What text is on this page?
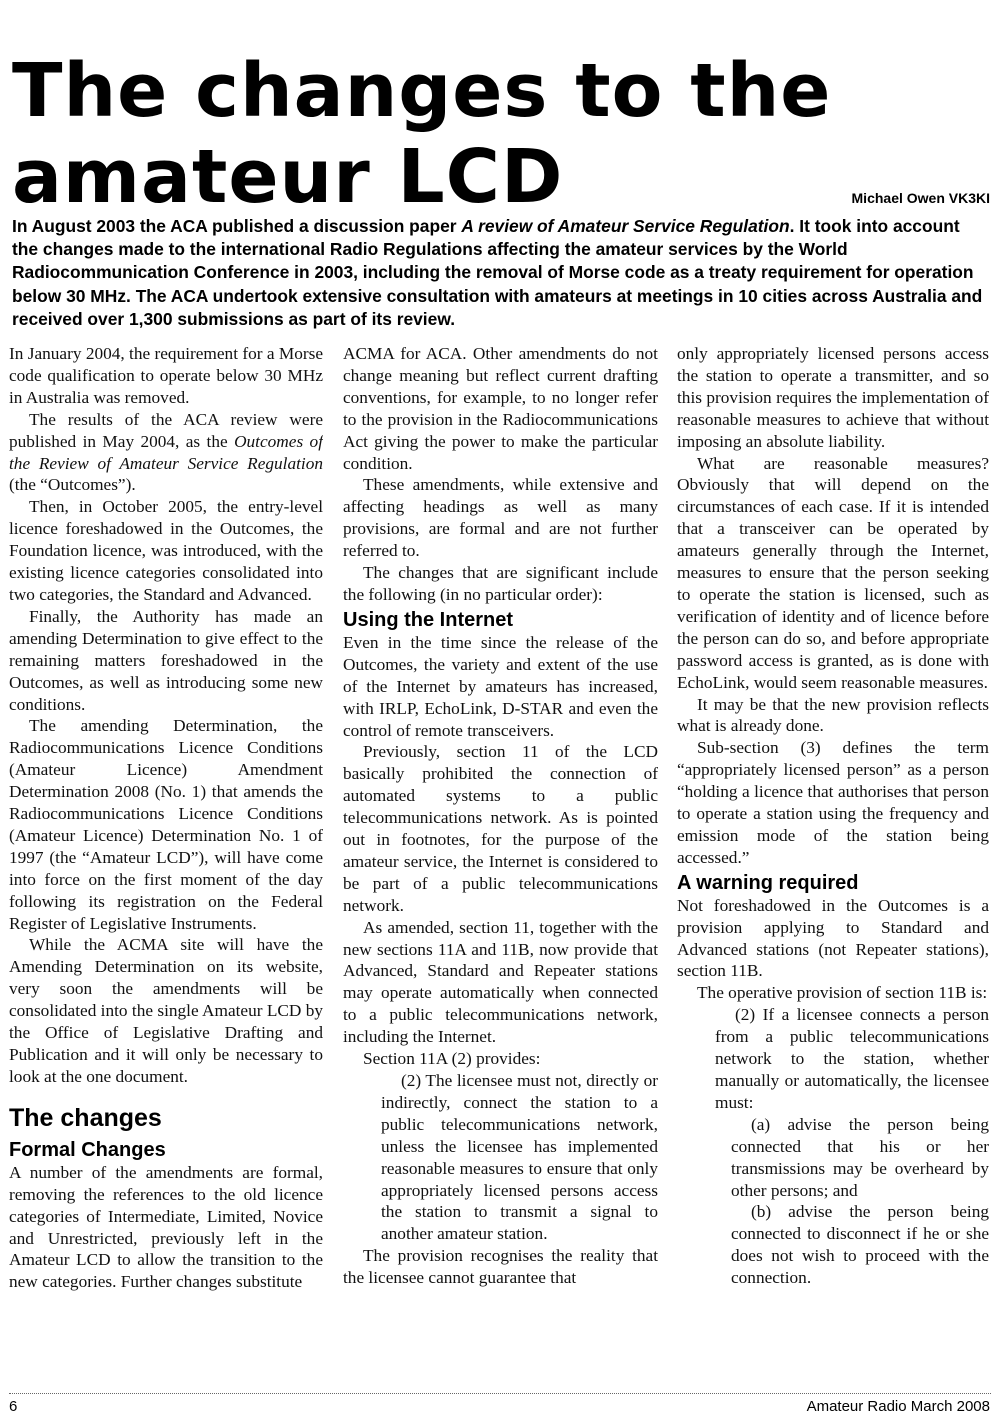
The changes to the amateur LCD	Michael Owen VK3KI

In August 2003 the ACA published a discussion paper A review of Amateur Service Regulation. It took into account the changes made to the international Radio Regulations affecting the amateur services by the World Radiocommunication Conference in 2003, including the removal of Morse code as a treaty requirement for operation below 30 MHz. The ACA undertook extensive consultation with amateurs at meetings in 10 cities across Australia and received over 1,300 submissions as part of its review.

In January 2004, the requirement for a Morse code qualification to operate below 30 MHz in Australia was removed.

The results of the ACA review were published in May 2004, as the Outcomes of the Review of Amateur Service Regulation (the “Outcomes”).

Then, in October 2005, the entry-level licence foreshadowed in the Outcomes, the Foundation licence, was introduced, with the existing licence categories consolidated into two categories, the Standard and Advanced.

Finally, the Authority has made an amending Determination to give effect to the remaining matters foreshadowed in the Outcomes, as well as introducing some new conditions.

The amending Determination, the Radiocommunications Licence Conditions (Amateur Licence) Amendment Determination 2008 (No. 1) that amends the Radiocommunications Licence Conditions (Amateur Licence) Determination No. 1 of 1997 (the “Amateur LCD”), will have come into force on the first moment of the day following its registration on the Federal Register of Legislative Instruments.

While the ACMA site will have the Amending Determination on its website, very soon the amendments will be consolidated into the single Amateur LCD by the Office of Legislative Drafting and Publication and it will only be necessary to look at the one document.

The changes
Formal Changes

A number of the amendments are formal, removing the references to the old licence categories of Intermediate, Limited, Novice and Unrestricted, previously left in the Amateur LCD to allow the transition to the new categories. Further changes substitute

ACMA for ACA. Other amendments do not change meaning but reflect current drafting conventions, for example, to no longer refer to the provision in the Radiocommunications Act giving the power to make the particular condition.

These amendments, while extensive and affecting headings as well as many provisions, are formal and are not further referred to.

The changes that are significant include the following (in no particular order):

Using the Internet

Even in the time since the release of the Outcomes, the variety and extent of the use of the Internet by amateurs has increased, with IRLP, EchoLink, D-STAR and even the control of remote transceivers.

Previously, section 11 of the LCD basically prohibited the connection of automated systems to a public telecommunications network. As is pointed out in footnotes, for the purpose of the amateur service, the Internet is considered to be part of a public telecommunications network.

As amended, section 11, together with the new sections 11A and 11B, now provide that Advanced, Standard and Repeater stations may operate automatically when connected to a public telecommunications network, including the Internet.

Section 11A (2) provides:

(2) The licensee must not, directly or indirectly, connect the station to a public telecommunications network, unless the licensee has implemented reasonable measures to ensure that only appropriately licensed persons access the station to transmit a signal to another amateur station.

The provision recognises the reality that the licensee cannot guarantee that

only appropriately licensed persons access the station to operate a transmitter, and so this provision requires the implementation of reasonable measures to achieve that without imposing an absolute liability.

What are reasonable measures? Obviously that will depend on the circumstances of each case. If it is intended that a transceiver can be operated by amateurs generally through the Internet, measures to ensure that the person seeking to operate the station is licensed, such as verification of identity and of licence before the person can do so, and before appropriate password access is granted, as is done with EchoLink, would seem reasonable measures.

It may be that the new provision reflects what is already done.

Sub-section (3) defines the term “appropriately licensed person” as a person “holding a licence that authorises that person to operate a station using the frequency and emission mode of the station being accessed.”

A warning required

Not foreshadowed in the Outcomes is a provision applying to Standard and Advanced stations (not Repeater stations), section 11B.

The operative provision of section 11B is:

(2) If a licensee connects a person from a public telecommunications network to the station, whether manually or automatically, the licensee must:

(a) advise the person being connected that his or her transmissions may be overheard by other persons; and

(b) advise the person being connected to disconnect if he or she does not wish to proceed with the connection.

6	Amateur Radio March 2008
